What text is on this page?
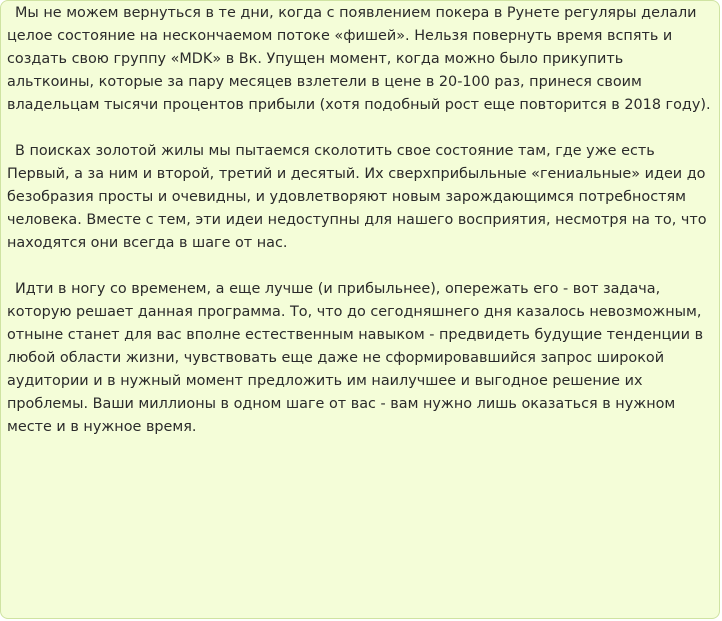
Мы не можем вернуться в те дни, когда с появлением покера в Рунете регуляры делали целое состояние на нескончаемом потоке «фишей». Нельзя повернуть время вспять и создать свою группу «MDK» в Вк. Упущен момент, когда можно было прикупить альткоины, которые за пару месяцев взлетели в цене в 20-100 раз, принеся своим владельцам тысячи процентов прибыли (хотя подобный рост еще повторится в 2018 году).

В поисках золотой жилы мы пытаемся сколотить свое состояние там, где уже есть Первый, а за ним и второй, третий и десятый. Их сверхприбыльные «гениальные» идеи до безобразия просты и очевидны, и удовлетворяют новым зарождающимся потребностям человека. Вместе с тем, эти идеи недоступны для нашего восприятия, несмотря на то, что находятся они всегда в шаге от нас.

Идти в ногу со временем, а еще лучше (и прибыльнее), опережать его - вот задача, которую решает данная программа. То, что до сегодняшнего дня казалось невозможным, отныне станет для вас вполне естественным навыком - предвидеть будущие тенденции в любой области жизни, чувствовать еще даже не сформировавшийся запрос широкой аудитории и в нужный момент предложить им наилучшее и выгодное решение их проблемы. Ваши миллионы в одном шаге от вас - вам нужно лишь оказаться в нужном месте и в нужное время.
